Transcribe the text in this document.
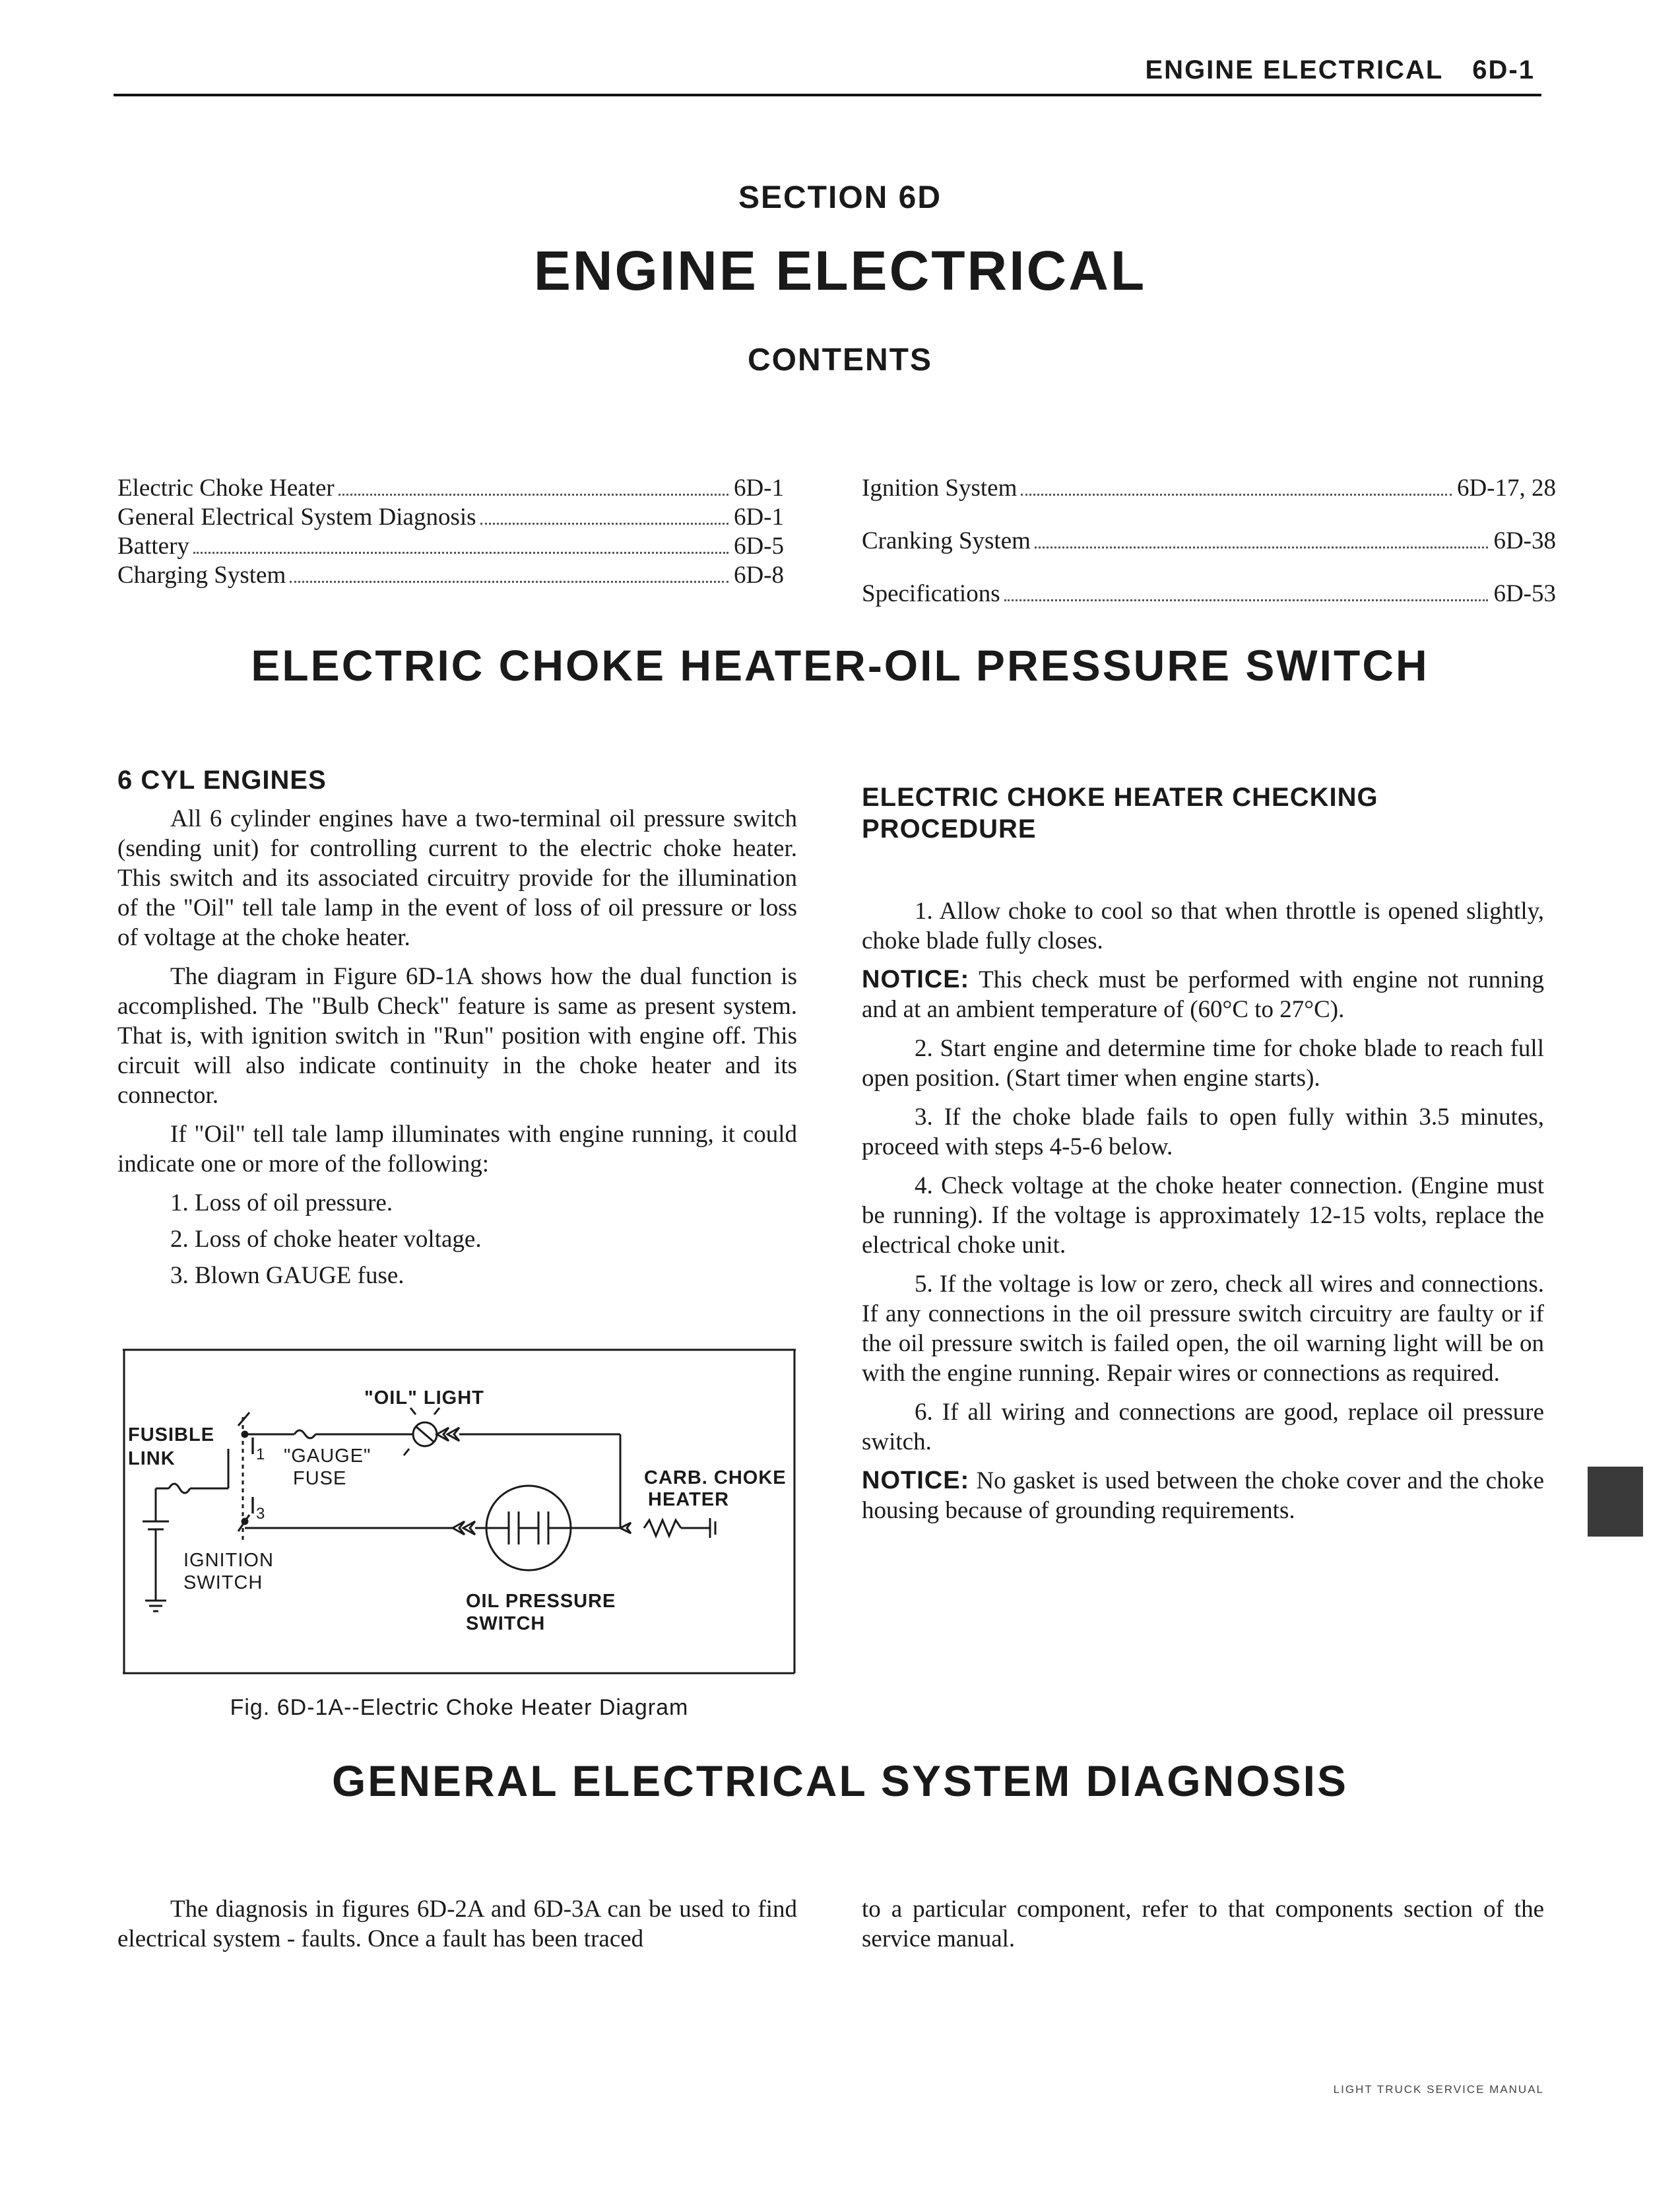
ENGINE ELECTRICAL 6D-1
SECTION 6D
ENGINE ELECTRICAL
CONTENTS
Electric Choke Heater	6D-1
General Electrical System Diagnosis	6D-1
Battery	6D-5
Charging System	6D-8
Ignition System	6D-17, 28
Cranking System	6D-38
Specifications	6D-53
ELECTRIC CHOKE HEATER-OIL PRESSURE SWITCH
6 CYL ENGINES

All 6 cylinder engines have a two-terminal oil pressure switch (sending unit) for controlling current to the electric choke heater. This switch and its associated circuitry provide for the illumination of the "Oil" tell tale lamp in the event of loss of oil pressure or loss of voltage at the choke heater.

The diagram in Figure 6D-1A shows how the dual function is accomplished. The "Bulb Check" feature is same as present system. That is, with ignition switch in "Run" position with engine off. This circuit will also indicate continuity in the choke heater and its connector.

If "Oil" tell tale lamp illuminates with engine running, it could indicate one or more of the following:

1. Loss of oil pressure.
2. Loss of choke heater voltage.
3. Blown GAUGE fuse.
"OIL" LIGHT
FUSIBLE
LINK	"GAUGE"
FUSE	CARB. CHOKE
HEATER
IGNITION
SWITCH
OIL PRESSURE
SWITCH
$I_1$
$I_3$
Fig. 6D-1A--Electric Choke Heater Diagram
ELECTRIC CHOKE HEATER CHECKING PROCEDURE

1. Allow choke to cool so that when throttle is opened slightly, choke blade fully closes.

NOTICE: This check must be performed with engine not running and at an ambient temperature of (60°C to 27°C).

2. Start engine and determine time for choke blade to reach full open position. (Start timer when engine starts).

3. If the choke blade fails to open fully within 3.5 minutes, proceed with steps 4-5-6 below.

4. Check voltage at the choke heater connection. (Engine must be running). If the voltage is approximately 12-15 volts, replace the electrical choke unit.

5. If the voltage is low or zero, check all wires and connections. If any connections in the oil pressure switch circuitry are faulty or if the oil pressure switch is failed open, the oil warning light will be on with the engine running. Repair wires or connections as required.

6. If all wiring and connections are good, replace oil pressure switch.

NOTICE: No gasket is used between the choke cover and the choke housing because of grounding requirements.

GENERAL ELECTRICAL SYSTEM DIAGNOSIS

The diagnosis in figures 6D-2A and 6D-3A can be used to find electrical system - faults. Once a fault has been traced

to a particular component, refer to that components section of the service manual.

LIGHT TRUCK SERVICE MANUAL
